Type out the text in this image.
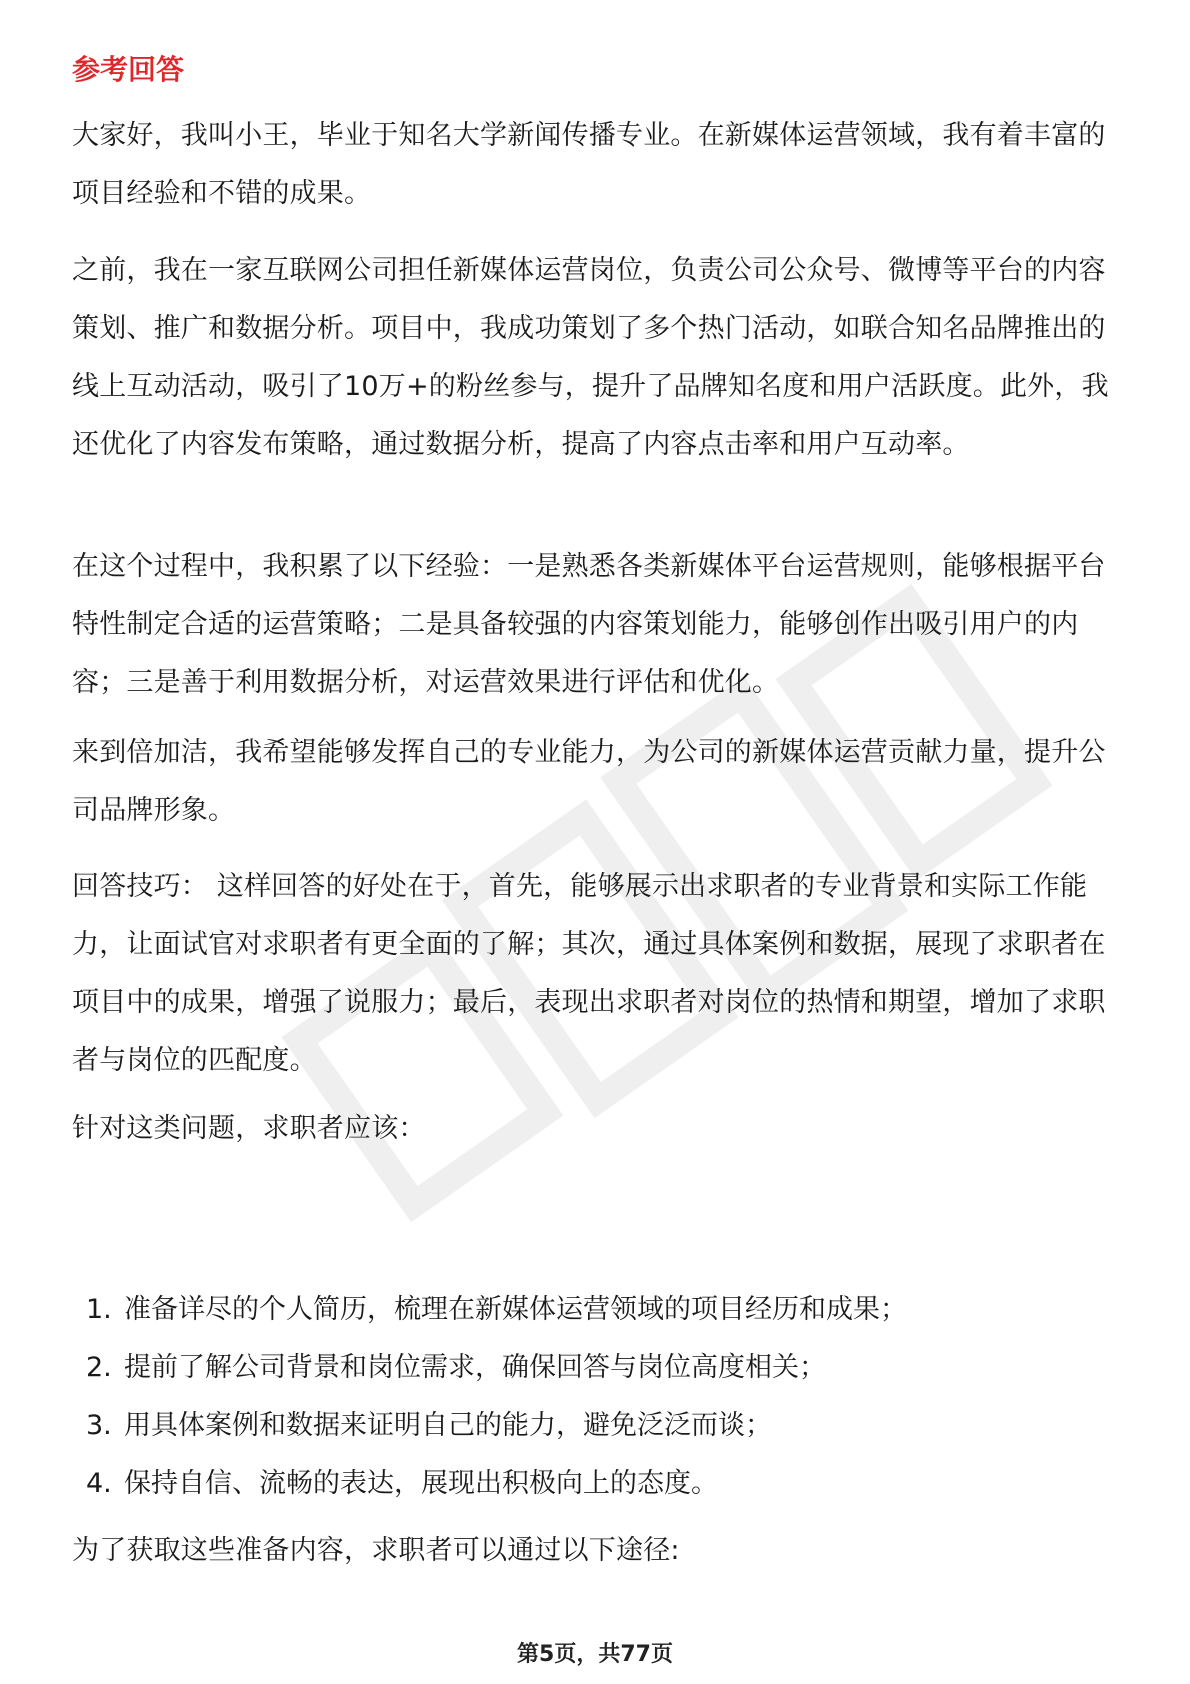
参考回答

大家好，我叫小王，毕业于知名大学新闻传播专业。在新媒体运营领域，我有着丰富的项目经验和不错的成果。

之前，我在一家互联网公司担任新媒体运营岗位，负责公司公众号、微博等平台的内容策划、推广和数据分析。项目中，我成功策划了多个热门活动，如联合知名品牌推出的线上互动活动，吸引了10万+的粉丝参与，提升了品牌知名度和用户活跃度。此外，我还优化了内容发布策略，通过数据分析，提高了内容点击率和用户互动率。

在这个过程中，我积累了以下经验：一是熟悉各类新媒体平台运营规则，能够根据平台特性制定合适的运营策略；二是具备较强的内容策划能力，能够创作出吸引用户的内容；三是善于利用数据分析，对运营效果进行评估和优化。

来到倍加洁，我希望能够发挥自己的专业能力，为公司的新媒体运营贡献力量，提升公司品牌形象。

回答技巧： 这样回答的好处在于，首先，能够展示出求职者的专业背景和实际工作能力，让面试官对求职者有更全面的了解；其次，通过具体案例和数据，展现了求职者在项目中的成果，增强了说服力；最后，表现出求职者对岗位的热情和期望，增加了求职者与岗位的匹配度。

针对这类问题，求职者应该：

1. 准备详尽的个人简历，梳理在新媒体运营领域的项目经历和成果；
2. 提前了解公司背景和岗位需求，确保回答与岗位高度相关；
3. 用具体案例和数据来证明自己的能力，避免泛泛而谈；
4. 保持自信、流畅的表达，展现出积极向上的态度。

为了获取这些准备内容，求职者可以通过以下途径:

第5页，共77页
